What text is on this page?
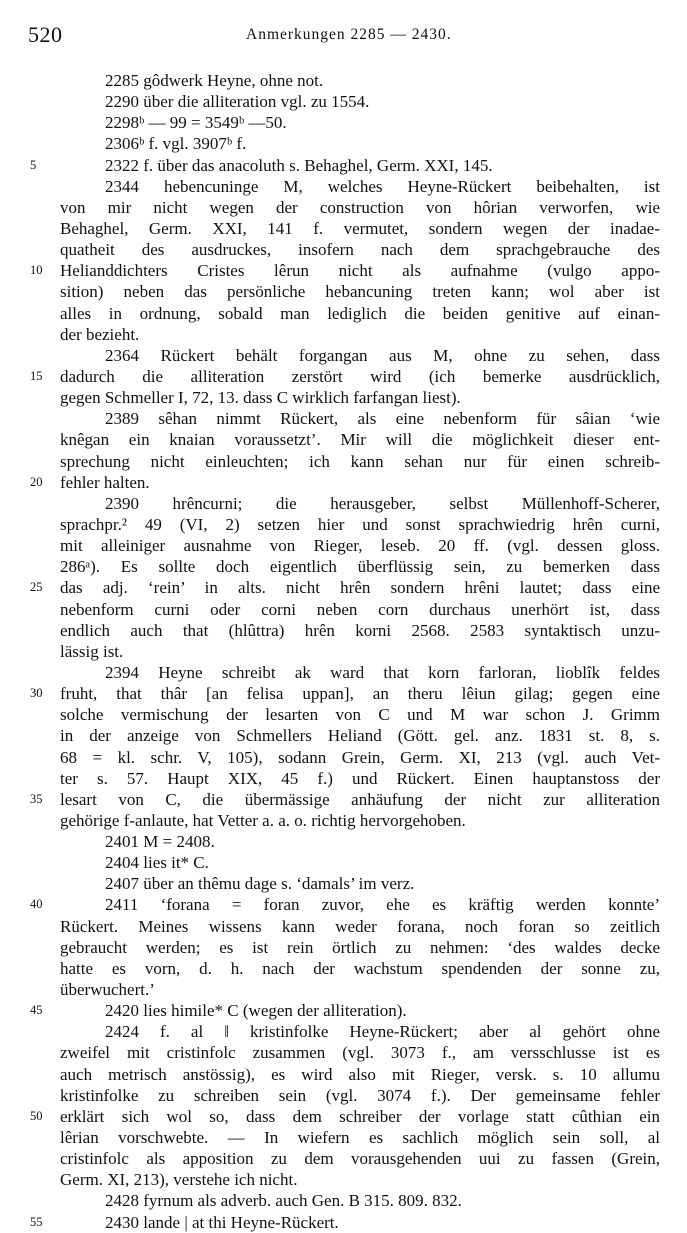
520	Anmerkungen 2285 — 2430.
2285 gôdwerk Heyne, ohne not.
2290 über die alliteration vgl. zu 1554.
2298ᵇ — 99 = 3549ᵇ —50.
2306ᵇ f. vgl. 3907ᵇ f.
5	2322 f. über das anacoluth s. Behaghel, Germ. XXI, 145.
2344 hebencuninge M, welches Heyne-Rückert beibehalten, ist
von mir nicht wegen der construction von hôrian verworfen, wie
Behaghel, Germ. XXI, 141 f. vermutet, sondern wegen der inadae-
quatheit des ausdruckes, insofern nach dem sprachgebrauche des
10	Helianddichters Cristes lêrun nicht als aufnahme (vulgo appo-
sition) neben das persönliche hebancuning treten kann; wol aber ist
alles in ordnung, sobald man lediglich die beiden genitive auf einan-
der bezieht.
2364 Rückert behält forgangan aus M, ohne zu sehen, dass
15	dadurch die alliteration zerstört wird (ich bemerke ausdrücklich,
gegen Schmeller I, 72, 13. dass C wirklich farfangan liest).
2389 sêhan nimmt Rückert, als eine nebenform für sâian ‘wie
knêgan ein knaian voraussetzt’. Mir will die möglichkeit dieser ent-
sprechung nicht einleuchten; ich kann sehan nur für einen schreib-
20	fehler halten.
2390 hrêncurni; die herausgeber, selbst Müllenhoff-Scherer,
sprachpr.² 49 (VI, 2) setzen hier und sonst sprachwiedrig hrên curni,
mit alleiniger ausnahme von Rieger, leseb. 20 ff. (vgl. dessen gloss.
286ᵃ). Es sollte doch eigentlich überflüssig sein, zu bemerken dass
25	das adj. ‘rein’ in alts. nicht hrên sondern hrêni lautet; dass eine
nebenform curni oder corni neben corn durchaus unerhört ist, dass
endlich auch that (hlûttra) hrên korni 2568. 2583 syntaktisch unzu-
lässig ist.
2394 Heyne schreibt ak ward that korn farloran, lioblîk feldes
30	fruht, that thâr [an felisa uppan], an theru lêiun gilag; gegen eine
solche vermischung der lesarten von C und M war schon J. Grimm
in der anzeige von Schmellers Heliand (Gött. gel. anz. 1831 st. 8, s.
68 = kl. schr. V, 105), sodann Grein, Germ. XI, 213 (vgl. auch Vet-
ter s. 57. Haupt XIX, 45 f.) und Rückert. Einen hauptanstoss der
35	lesart von C, die übermässige anhäufung der nicht zur alliteration
gehörige f-anlaute, hat Vetter a. a. o. richtig hervorgehoben.
2401 M = 2408.
2404 lies it* C.
2407 über an thêmu dage s. ‘damals’ im verz.
40	2411 ‘forana = foran zuvor, ehe es kräftig werden konnte’
Rückert. Meines wissens kann weder forana, noch foran so zeitlich
gebraucht werden; es ist rein örtlich zu nehmen: ‘des waldes decke
hatte es vorn, d. h. nach der wachstum spendenden der sonne zu,
überwuchert.’
45	2420 lies himile* C (wegen der alliteration).
2424 f. al ‖ kristinfolke Heyne-Rückert; aber al gehört ohne
zweifel mit cristinfolc zusammen (vgl. 3073 f., am versschlusse ist es
auch metrisch anstössig), es wird also mit Rieger, versk. s. 10 allumu
kristinfolke zu schreiben sein (vgl. 3074 f.). Der gemeinsame fehler
50	erklärt sich wol so, dass dem schreiber der vorlage statt cûthian ein
lêrian vorschwebte. — In wiefern es sachlich möglich sein soll, al
cristinfolc als apposition zu dem vorausgehenden uui zu fassen (Grein,
Germ. XI, 213), verstehe ich nicht.
2428 fyrnum als adverb. auch Gen. B 315. 809. 832.
55	2430 lande | at thi Heyne-Rückert.
